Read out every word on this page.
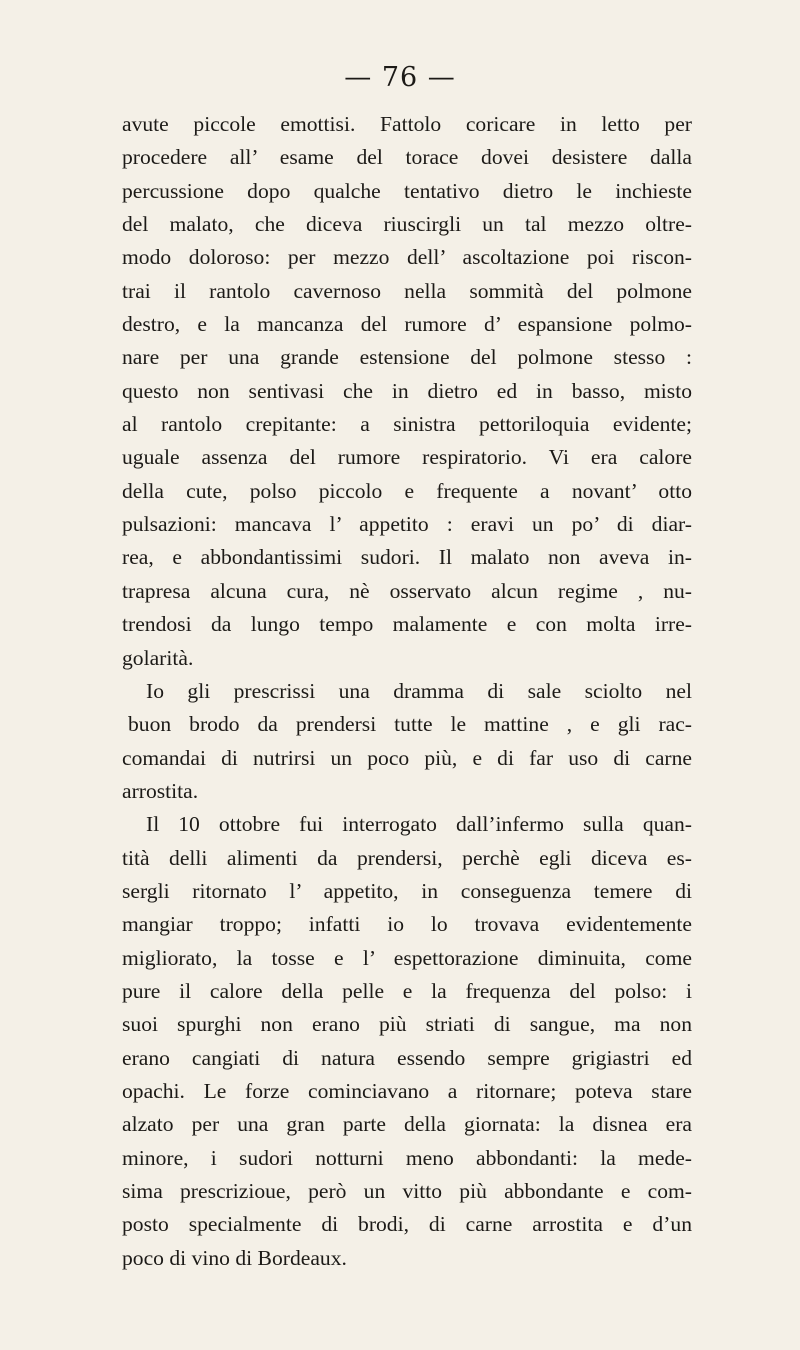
— 76 —
avute piccole emottisi. Fattolo coricare in letto per
procedere all’ esame del torace dovei desistere dalla
percussione dopo qualche tentativo dietro le inchieste
del malato, che diceva riuscirgli un tal mezzo oltre-
modo doloroso: per mezzo dell’ ascoltazione poi riscon-
trai il rantolo cavernoso nella sommità del polmone
destro, e la mancanza del rumore d’ espansione polmo-
nare per una grande estensione del polmone stesso :
questo non sentivasi che in dietro ed in basso, misto
al rantolo crepitante: a sinistra pettoriloquia evidente;
uguale assenza del rumore respiratorio. Vi era calore
della cute, polso piccolo e frequente a novant’ otto
pulsazioni: mancava l’ appetito : eravi un po’ di diar-
rea, e abbondantissimi sudori. Il malato non aveva in-
trapresa alcuna cura, nè osservato alcun regime , nu-
trendosi da lungo tempo malamente e con molta irre-
golarità.
Io gli prescrissi una dramma di sale sciolto nel
buon brodo da prendersi tutte le mattine , e gli rac-
comandai di nutrirsi un poco più, e di far uso di carne
arrostita.
Il 10 ottobre fui interrogato dall’infermo sulla quan-
tità delli alimenti da prendersi, perchè egli diceva es-
sergli ritornato l’ appetito, in conseguenza temere di
mangiar troppo; infatti io lo trovava evidentemente
migliorato, la tosse e l’ espettorazione diminuita, come
pure il calore della pelle e la frequenza del polso: i
suoi spurghi non erano più striati di sangue, ma non
erano cangiati di natura essendo sempre grigiastri ed
opachi. Le forze cominciavano a ritornare; poteva stare
alzato per una gran parte della giornata: la disnea era
minore, i sudori notturni meno abbondanti: la mede-
sima prescrizioue, però un vitto più abbondante e com-
posto specialmente di brodi, di carne arrostita e d’un
poco di vino di Bordeaux.
